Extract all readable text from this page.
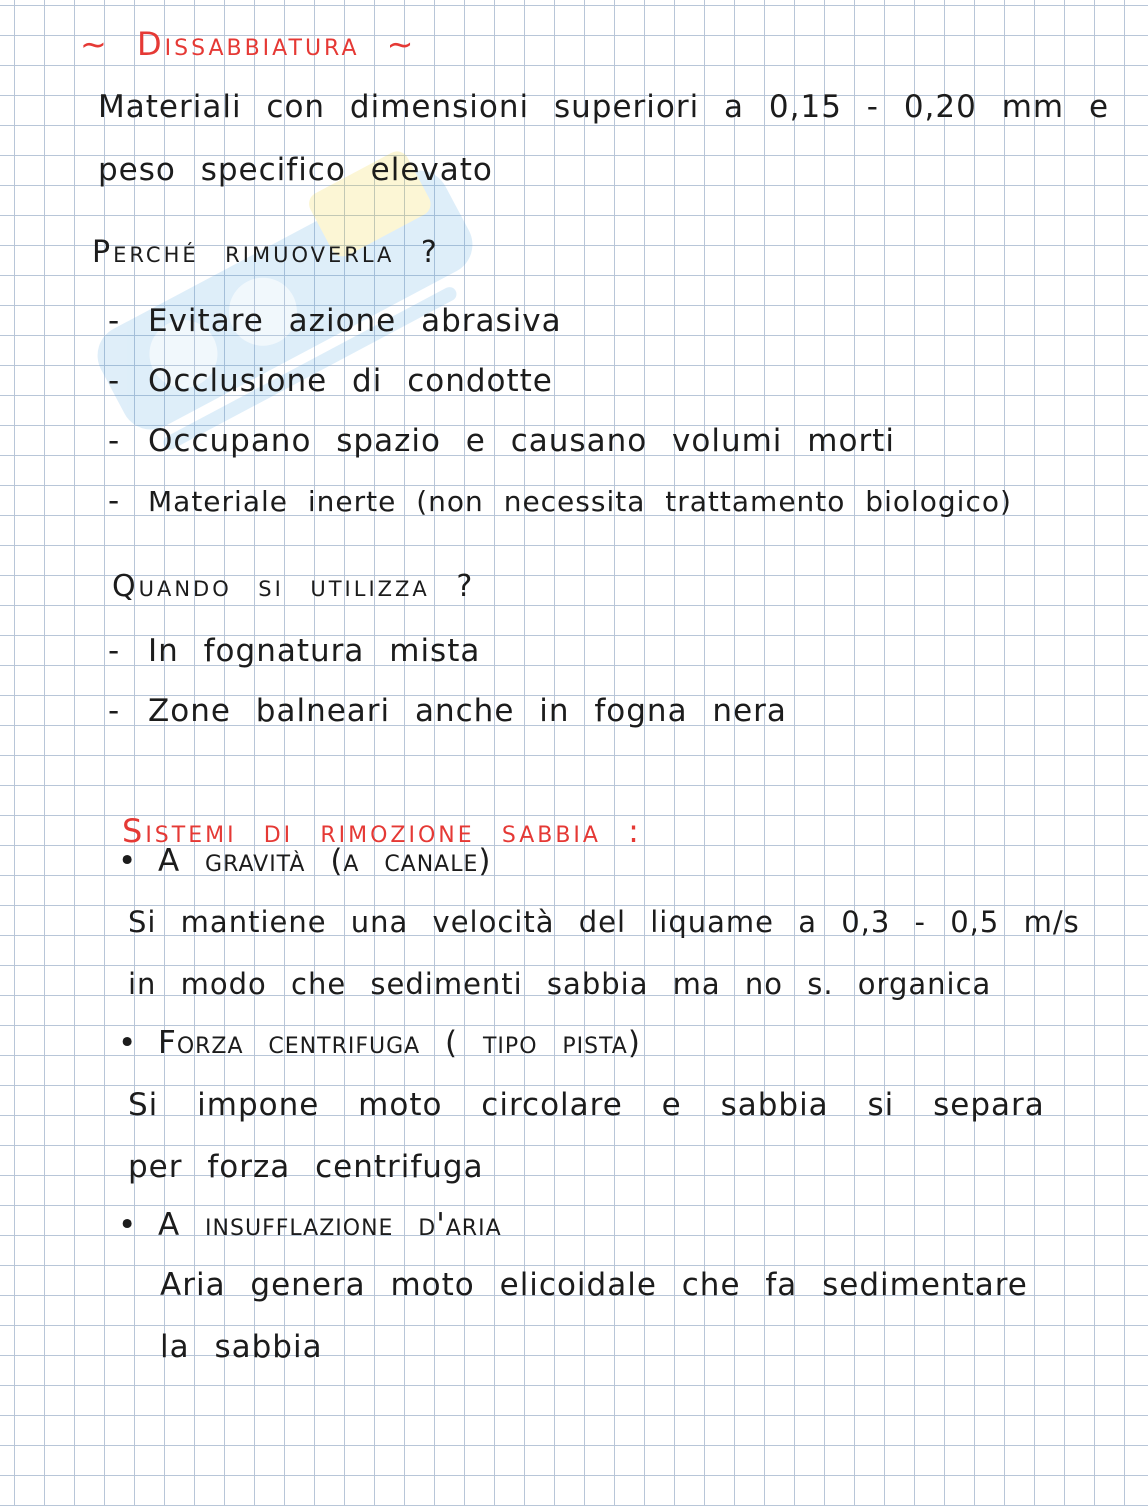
~ Dissabbiatura ~
Materiali con dimensioni superiori a 0,15 - 0,20 mm e
peso specifico elevato
Perché rimuoverla ?
- Evitare azione abrasiva
- Occlusione di condotte
- Occupano spazio e causano volumi morti
- Materiale inerte (non necessita trattamento biologico)
Quando si utilizza ?
- In fognatura mista
- Zone balneari anche in fogna nera
Sistemi di rimozione sabbia :
• A gravità (a canale)
Si mantiene una velocità del liquame a 0,3 - 0,5 m/s
in modo che sedimenti sabbia ma no s. organica
• Forza centrifuga ( tipo pista)
Si impone moto circolare e sabbia si separa
per forza centrifuga
• A insufflazione d'aria
Aria genera moto elicoidale che fa sedimentare
la sabbia
